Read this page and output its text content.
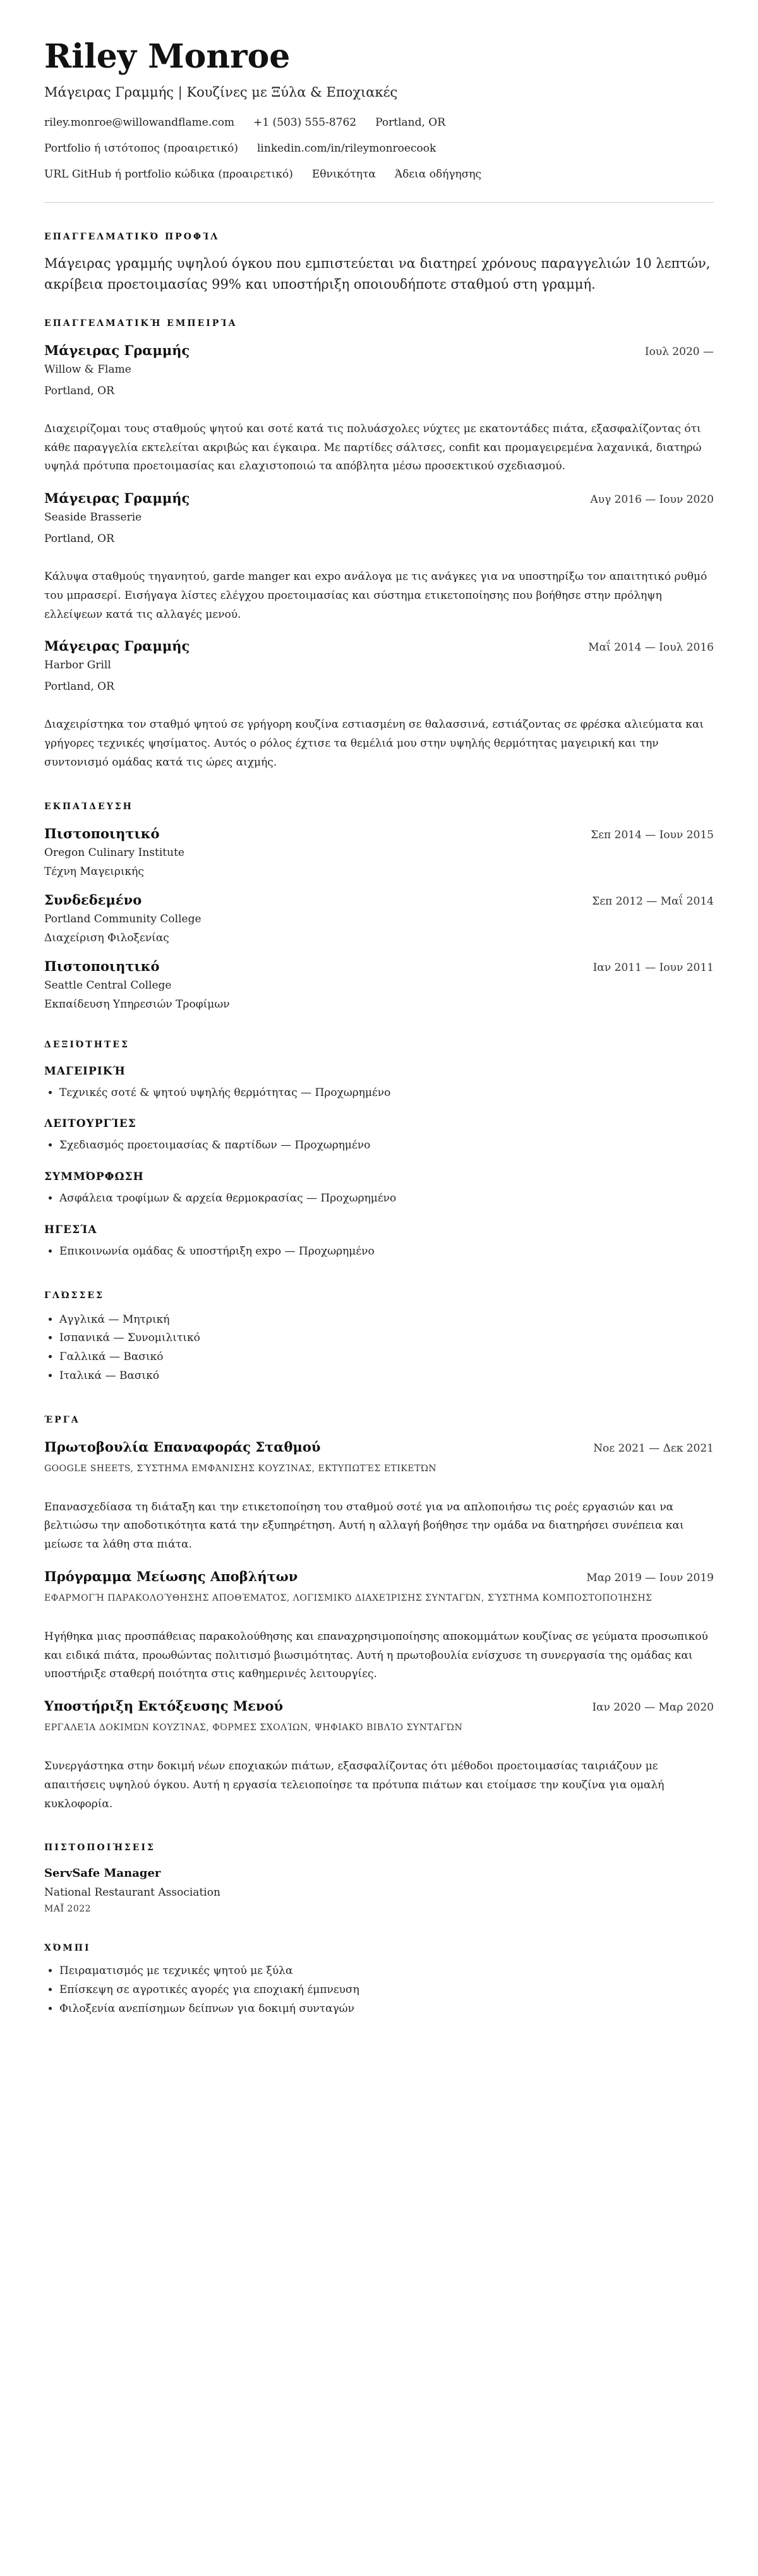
Riley Monroe
Μάγειρας Γραμμής | Κουζίνες με Ξύλα & Εποχιακές
riley.monroe@willowandflame.com +1 (503) 555-8762 Portland, OR
Portfolio ή ιστότοπος (προαιρετικό) linkedin.com/in/rileymonroecook
URL GitHub ή portfolio κώδικα (προαιρετικό) Εθνικότητα Άδεια οδήγησης
ΕΠΑΓΓΕΛΜΑΤΙΚΌ ΠΡΟΦΊΛ
Μάγειρας γραμμής υψηλού όγκου που εμπιστεύεται να διατηρεί χρόνους παραγγελιών 10 λεπτών, ακρίβεια προετοιμασίας 99% και υποστήριξη οποιουδήποτε σταθμού στη γραμμή.
ΕΠΑΓΓΕΛΜΑΤΙΚΉ ΕΜΠΕΙΡΊΑ
Μάγειρας Γραμμής	Ιουλ 2020 —
Willow & Flame
Portland, OR
Διαχειρίζομαι τους σταθμούς ψητού και σοτέ κατά τις πολυάσχολες νύχτες με εκατοντάδες πιάτα, εξασφαλίζοντας ότι κάθε παραγγελία εκτελείται ακριβώς και έγκαιρα. Με παρτίδες σάλτσες, confit και προμαγειρεμένα λαχανικά, διατηρώ υψηλά πρότυπα προετοιμασίας και ελαχιστοποιώ τα απόβλητα μέσω προσεκτικού σχεδιασμού.
Μάγειρας Γραμμής	Αυγ 2016 — Ιουν 2020
Seaside Brasserie
Portland, OR
Κάλυψα σταθμούς τηγανητού, garde manger και expo ανάλογα με τις ανάγκες για να υποστηρίξω τον απαιτητικό ρυθμό του μπρασερί. Εισήγαγα λίστες ελέγχου προετοιμασίας και σύστημα ετικετοποίησης που βοήθησε στην πρόληψη ελλείψεων κατά τις αλλαγές μενού.
Μάγειρας Γραμμής	Μαΐ 2014 — Ιουλ 2016
Harbor Grill
Portland, OR
Διαχειρίστηκα τον σταθμό ψητού σε γρήγορη κουζίνα εστιασμένη σε θαλασσινά, εστιάζοντας σε φρέσκα αλιεύματα και γρήγορες τεχνικές ψησίματος. Αυτός ο ρόλος έχτισε τα θεμέλιά μου στην υψηλής θερμότητας μαγειρική και την συντονισμό ομάδας κατά τις ώρες αιχμής.
ΕΚΠΑΊΔΕΥΣΗ
Πιστοποιητικό	Σεπ 2014 — Ιουν 2015
Oregon Culinary Institute
Τέχνη Μαγειρικής
Συνδεδεμένο	Σεπ 2012 — Μαΐ 2014
Portland Community College
Διαχείριση Φιλοξενίας
Πιστοποιητικό	Ιαν 2011 — Ιουν 2011
Seattle Central College
Εκπαίδευση Υπηρεσιών Τροφίμων
ΔΕΞΙΌΤΗΤΕΣ
ΜΑΓΕΙΡΙΚΉ
• Τεχνικές σοτέ & ψητού υψηλής θερμότητας — Προχωρημένο
ΛΕΙΤΟΥΡΓΊΕΣ
• Σχεδιασμός προετοιμασίας & παρτίδων — Προχωρημένο
ΣΥΜΜΌΡΦΩΣΗ
• Ασφάλεια τροφίμων & αρχεία θερμοκρασίας — Προχωρημένο
ΗΓΕΣΊΑ
• Επικοινωνία ομάδας & υποστήριξη expo — Προχωρημένο
ΓΛΏΣΣΕΣ
• Αγγλικά — Μητρική
• Ισπανικά — Συνομιλιτικό
• Γαλλικά — Βασικό
• Ιταλικά — Βασικό
ΈΡΓΑ
Πρωτοβουλία Επαναφοράς Σταθμού	Νοε 2021 — Δεκ 2021
GOOGLE SHEETS, ΣΎΣΤΗΜΑ ΕΜΦΆΝΙΣΗΣ ΚΟΥΖΊΝΑΣ, ΕΚΤΥΠΩΤΈΣ ΕΤΙΚΕΤΏΝ
Επανασχεδίασα τη διάταξη και την ετικετοποίηση του σταθμού σοτέ για να απλοποιήσω τις ροές εργασιών και να βελτιώσω την αποδοτικότητα κατά την εξυπηρέτηση. Αυτή η αλλαγή βοήθησε την ομάδα να διατηρήσει συνέπεια και μείωσε τα λάθη στα πιάτα.
Πρόγραμμα Μείωσης Αποβλήτων	Μαρ 2019 — Ιουν 2019
ΕΦΑΡΜΟΓΉ ΠΑΡΑΚΟΛΟΎΘΗΣΗΣ ΑΠΟΘΈΜΑΤΟΣ, ΛΟΓΙΣΜΙΚΌ ΔΙΑΧΕΊΡΙΣΗΣ ΣΥΝΤΑΓΏΝ, ΣΎΣΤΗΜΑ ΚΟΜΠΟΣΤΟΠΟΊΗΣΗΣ
Ηγήθηκα μιας προσπάθειας παρακολούθησης και επαναχρησιμοποίησης αποκομμάτων κουζίνας σε γεύματα προσωπικού και ειδικά πιάτα, προωθώντας πολιτισμό βιωσιμότητας. Αυτή η πρωτοβουλία ενίσχυσε τη συνεργασία της ομάδας και υποστήριξε σταθερή ποιότητα στις καθημερινές λειτουργίες.
Υποστήριξη Εκτόξευσης Μενού	Ιαν 2020 — Μαρ 2020
ΕΡΓΑΛΕΊΑ ΔΟΚΙΜΏΝ ΚΟΥΖΊΝΑΣ, ΦΌΡΜΕΣ ΣΧΟΛΊΩΝ, ΨΗΦΙΑΚΌ ΒΙΒΛΊΟ ΣΥΝΤΑΓΏΝ
Συνεργάστηκα στην δοκιμή νέων εποχιακών πιάτων, εξασφαλίζοντας ότι μέθοδοι προετοιμασίας ταιριάζουν με απαιτήσεις υψηλού όγκου. Αυτή η εργασία τελειοποίησε τα πρότυπα πιάτων και ετοίμασε την κουζίνα για ομαλή κυκλοφορία.
ΠΙΣΤΟΠΟΙΉΣΕΙΣ
ServSafe Manager
National Restaurant Association
ΜΑΪ́ 2022
ΧΌΜΠΙ
• Πειραματισμός με τεχνικές ψητού με ξύλα
• Επίσκεψη σε αγροτικές αγορές για εποχιακή έμπνευση
• Φιλοξενία ανεπίσημων δείπνων για δοκιμή συνταγών
